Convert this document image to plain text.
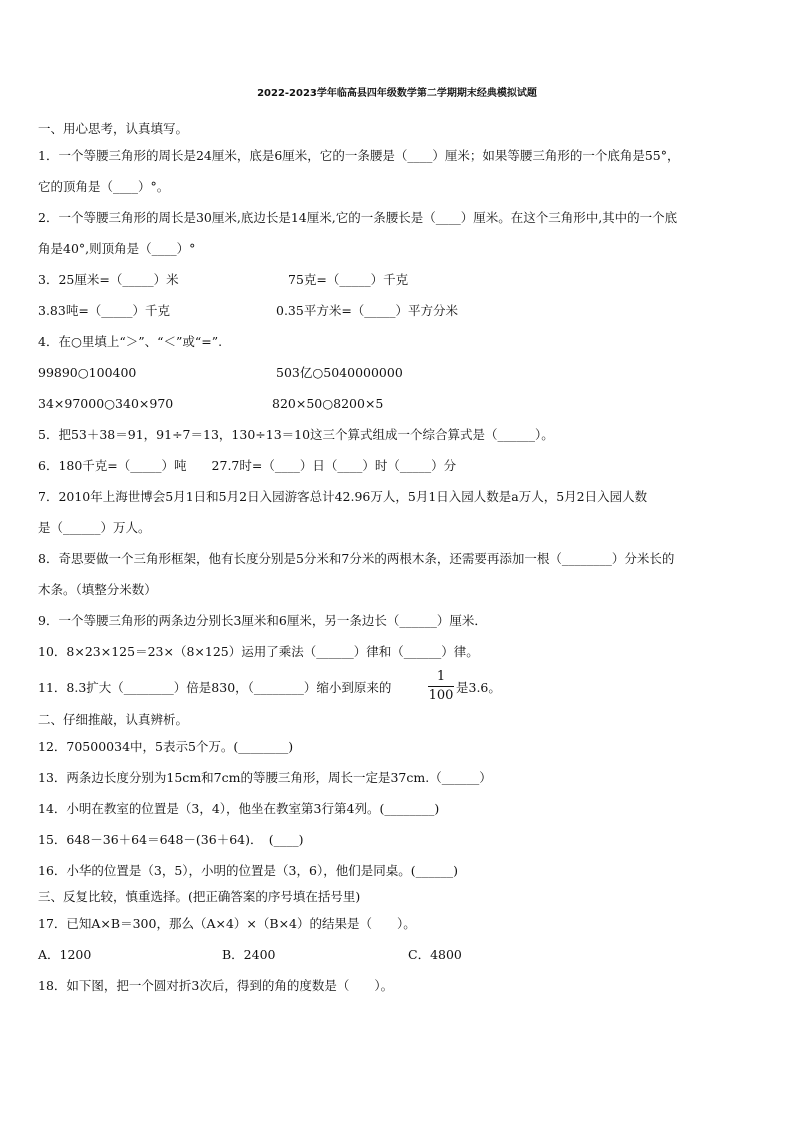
2022-2023学年临高县四年级数学第二学期期末经典模拟试题
一、用心思考，认真填写。
1．一个等腰三角形的周长是24厘米，底是6厘米，它的一条腰是（____）厘米；如果等腰三角形的一个底角是55°，
它的顶角是（____）°。
2．一个等腰三角形的周长是30厘米,底边长是14厘米,它的一条腰长是（____）厘米。在这个三角形中,其中的一个底
角是40°,则顶角是（____）°
3．25厘米=（_____）米	75克=（_____）千克
3.83吨=（_____）千克	0.35平方米=（_____）平方分米
4．在○里填上“＞”、“＜”或“=”.
99890○100400	503亿○5040000000
34×97000○340×970	820×50○8200×5
5．把53＋38＝91，91÷7＝13，130÷13＝10这三个算式组成一个综合算式是（______）。
6．180千克=（_____）吨　　27.7时=（____）日（____）时（_____）分
7．2010年上海世博会5月1日和5月2日入园游客总计42.96万人，5月1日入园人数是a万人，5月2日入园人数
是（______）万人。
8．奇思要做一个三角形框架，他有长度分别是5分米和7分米的两根木条，还需要再添加一根（________）分米长的
木条。（填整分米数）
9．一个等腰三角形的两条边分别长3厘米和6厘米，另一条边长（______）厘米．
10．8×23×125＝23×（8×125）运用了乘法（______）律和（______）律。
11．8.3扩大（________）倍是830，（________）缩小到原来的
1
100
是3.6。
二、仔细推敲，认真辨析。
12．70500034中，5表示5个万。(________)
13．两条边长度分别为15cm和7cm的等腰三角形，周长一定是37cm.（______）
14．小明在教室的位置是（3，4），他坐在教室第3行第4列。(________)
15．648－36＋64＝648－(36＋64)．　(____)
16．小华的位置是（3，5），小明的位置是（3，6），他们是同桌。(______)
三、反复比较，慎重选择。(把正确答案的序号填在括号里)
17．已知A×B＝300，那么（A×4）×（B×4）的结果是（　　）。
A．1200	B．2400	C．4800
18．如下图，把一个圆对折3次后，得到的角的度数是（　　）。
